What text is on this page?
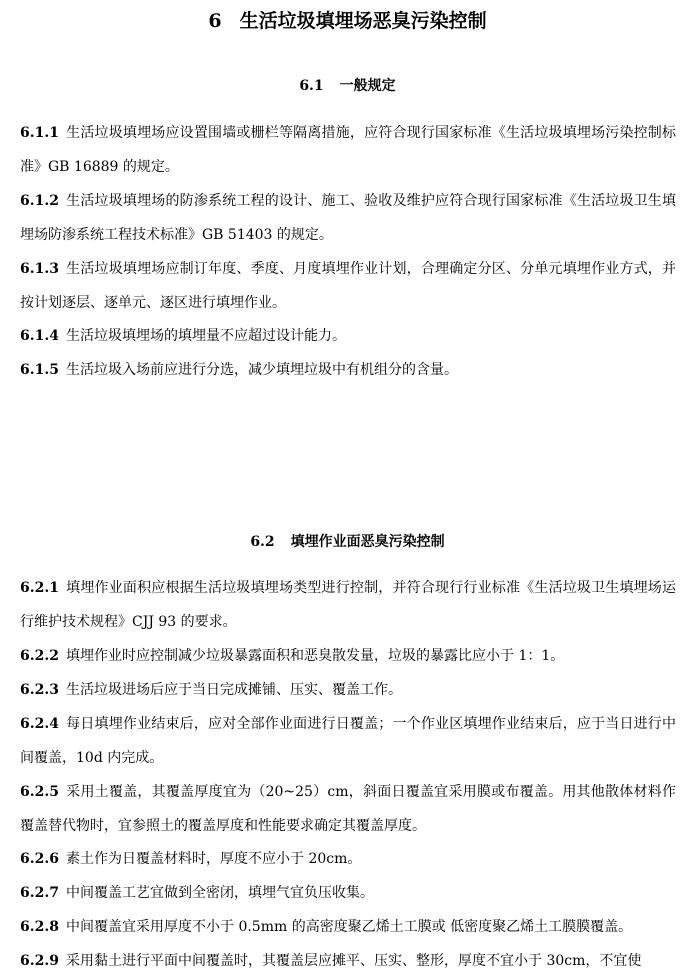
6 生活垃圾填埋场恶臭污染控制
6.1 一般规定
6.1.1 生活垃圾填埋场应设置围墙或栅栏等隔离措施，应符合现行国家标准《生活垃圾填埋场污染控制标准》GB 16889 的规定。
6.1.2 生活垃圾填埋场的防渗系统工程的设计、施工、验收及维护应符合现行国家标准《生活垃圾卫生填埋场防渗系统工程技术标准》GB 51403 的规定。
6.1.3 生活垃圾填埋场应制订年度、季度、月度填埋作业计划，合理确定分区、分单元填埋作业方式，并按计划逐层、逐单元、逐区进行填埋作业。
6.1.4 生活垃圾填埋场的填埋量不应超过设计能力。
6.1.5 生活垃圾入场前应进行分选，减少填埋垃圾中有机组分的含量。
6.2 填埋作业面恶臭污染控制
6.2.1 填埋作业面积应根据生活垃圾填埋场类型进行控制，并符合现行行业标准《生活垃圾卫生填埋场运行维护技术规程》CJJ 93 的要求。
6.2.2 填埋作业时应控制减少垃圾暴露面积和恶臭散发量，垃圾的暴露比应小于 1：1。
6.2.3 生活垃圾进场后应于当日完成摊铺、压实、覆盖工作。
6.2.4 每日填埋作业结束后，应对全部作业面进行日覆盖；一个作业区填埋作业结束后，应于当日进行中间覆盖，10d 内完成。
6.2.5 采用土覆盖，其覆盖厚度宜为（20~25）cm，斜面日覆盖宜采用膜或布覆盖。用其他散体材料作覆盖替代物时，宜参照土的覆盖厚度和性能要求确定其覆盖厚度。
6.2.6 素土作为日覆盖材料时，厚度不应小于 20cm。
6.2.7 中间覆盖工艺宜做到全密闭，填埋气宜负压收集。
6.2.8 中间覆盖宜采用厚度不小于 0.5mm 的高密度聚乙烯土工膜或 低密度聚乙烯土工膜膜覆盖。
6.2.9 采用黏土进行平面中间覆盖时，其覆盖层应摊平、压实、整形，厚度不宜小于 30cm，不宜使
